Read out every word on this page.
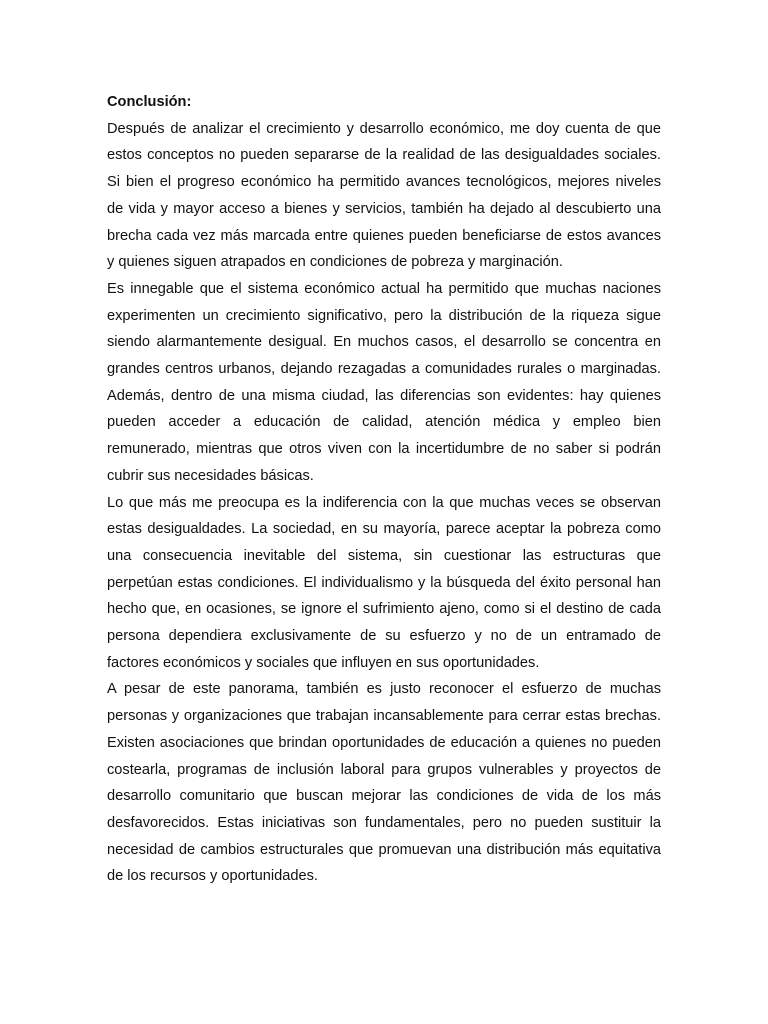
Conclusión:

Después de analizar el crecimiento y desarrollo económico, me doy cuenta de que estos conceptos no pueden separarse de la realidad de las desigualdades sociales. Si bien el progreso económico ha permitido avances tecnológicos, mejores niveles de vida y mayor acceso a bienes y servicios, también ha dejado al descubierto una brecha cada vez más marcada entre quienes pueden beneficiarse de estos avances y quienes siguen atrapados en condiciones de pobreza y marginación.

Es innegable que el sistema económico actual ha permitido que muchas naciones experimenten un crecimiento significativo, pero la distribución de la riqueza sigue siendo alarmantemente desigual. En muchos casos, el desarrollo se concentra en grandes centros urbanos, dejando rezagadas a comunidades rurales o marginadas. Además, dentro de una misma ciudad, las diferencias son evidentes: hay quienes pueden acceder a educación de calidad, atención médica y empleo bien remunerado, mientras que otros viven con la incertidumbre de no saber si podrán cubrir sus necesidades básicas.

Lo que más me preocupa es la indiferencia con la que muchas veces se observan estas desigualdades. La sociedad, en su mayoría, parece aceptar la pobreza como una consecuencia inevitable del sistema, sin cuestionar las estructuras que perpetúan estas condiciones. El individualismo y la búsqueda del éxito personal han hecho que, en ocasiones, se ignore el sufrimiento ajeno, como si el destino de cada persona dependiera exclusivamente de su esfuerzo y no de un entramado de factores económicos y sociales que influyen en sus oportunidades.

A pesar de este panorama, también es justo reconocer el esfuerzo de muchas personas y organizaciones que trabajan incansablemente para cerrar estas brechas. Existen asociaciones que brindan oportunidades de educación a quienes no pueden costearla, programas de inclusión laboral para grupos vulnerables y proyectos de desarrollo comunitario que buscan mejorar las condiciones de vida de los más desfavorecidos. Estas iniciativas son fundamentales, pero no pueden sustituir la necesidad de cambios estructurales que promuevan una distribución más equitativa de los recursos y oportunidades.
